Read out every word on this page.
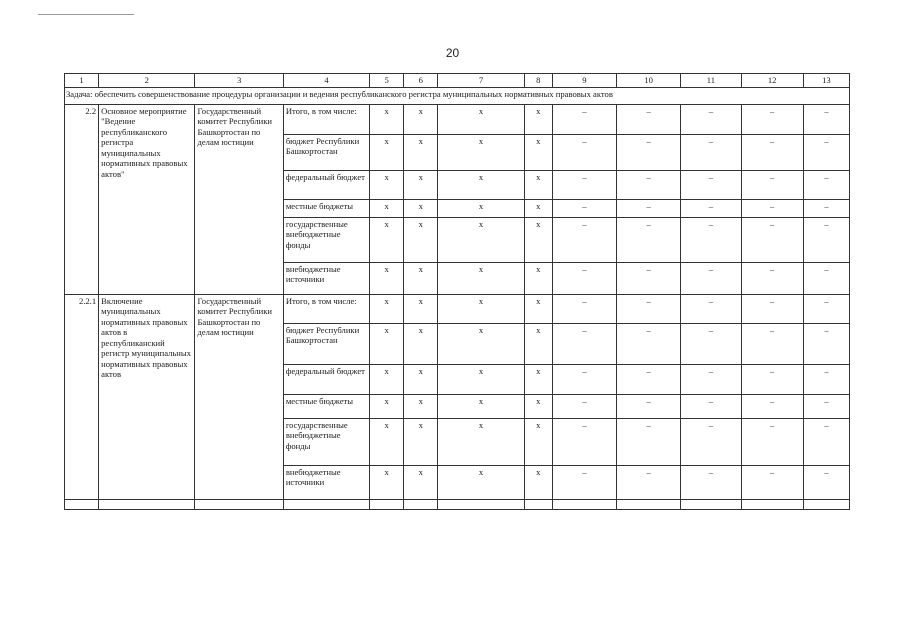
20
1	2	3	4	5	6	7	8	9	10	11	12	13
Задача: обеспечить совершенствование процедуры организации и ведения республиканского регистра муниципальных нормативных правовых актов												
2.2	Основное мероприятие "Ведение республиканского регистра муниципальных нормативных правовых актов"	Государственный комитет Республики Башкортостан по делам юстиции	Итого, в том числе:	x	x	x	x	–	–	–	–	–
			бюджет Республики Башкортостан	x	x	x	x	–	–	–	–	–
			федеральный бюджет	x	x	x	x	–	–	–	–	–
			местные бюджеты	x	x	x	x	–	–	–	–	–
			государственные внебюджетные фонды	x	x	x	x	–	–	–	–	–
			внебюджетные источники	x	x	x	x	–	–	–	–	–
2.2.1	Включение муниципальных нормативных правовых актов в республиканский регистр муниципальных нормативных правовых актов	Государственный комитет Республики Башкортостан по делам юстиции	Итого, в том числе:	x	x	x	x	–	–	–	–	–
			бюджет Республики Башкортостан	x	x	x	x	–	–	–	–	–
			федеральный бюджет	x	x	x	x	–	–	–	–	–
			местные бюджеты	x	x	x	x	–	–	–	–	–
			государственные внебюджетные фонды	x	x	x	x	–	–	–	–	–
			внебюджетные источники	x	x	x	x	–	–	–	–	–
